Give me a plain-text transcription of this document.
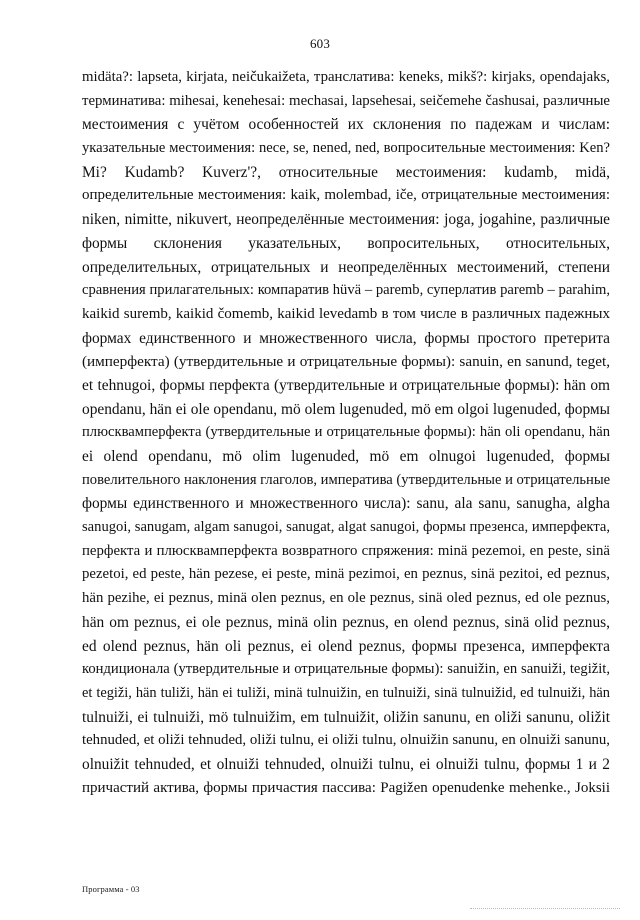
603
midäta?: lapseta, kirjata, neičukaižeta, транслатива: keneks, mikš?: kirjaks, opendajaks,
терминатива: mihesai, kenehesai: mechasai, lapsehesai, seičemehe čashusai, различные
местоимения с учётом особенностей их склонения по падежам и числам:
указательные местоимения: nece, se, nened, ned, вопросительные местоимения: Ken?
Mi? Kudamb? Kuverz'?, относительные местоимения: kudamb, midä,
определительные местоимения: kaik, molembad, iče, отрицательные местоимения:
niken, nimitte, nikuvert, неопределённые местоимения: joga, jogahine, различные
формы склонения указательных, вопросительных, относительных,
определительных, отрицательных и неопределённых местоимений, степени
сравнения прилагательных: компаратив hüvä – paremb, суперлатив paremb – parahim,
kaikid suremb, kaikid čomemb, kaikid levedamb в том числе в различных падежных
формах единственного и множественного числа, формы простого претерита
(имперфекта) (утвердительные и отрицательные формы): sanuin, en sanund, teget,
et tehnugoi, формы перфекта (утвердительные и отрицательные формы): hän om
opendanu, hän ei ole opendanu, mö olem lugenuded, mö em olgoi lugenuded, формы
плюсквамперфекта (утвердительные и отрицательные формы): hän oli opendanu, hän
ei olend opendanu, mö olim lugenuded, mö em olnugoi lugenuded, формы
повелительного наклонения глаголов, императива (утвердительные и отрицательные
формы единственного и множественного числа): sanu, ala sanu, sanugha, algha
sanugoi, sanugam, algam sanugoi, sanugat, algat sanugoi, формы презенса, имперфекта,
перфекта и плюсквамперфекта возвратного спряжения: minä pezemoi, en peste, sinä
pezetoi, ed peste, hän pezese, ei peste, minä pezimoi, en peznus, sinä pezitoi, ed peznus,
hän pezihe, ei peznus, minä olen peznus, en ole peznus, sinä oled peznus, ed ole peznus,
hän om peznus, ei ole peznus, minä olin peznus, en olend peznus, sinä olid peznus,
ed olend peznus, hän oli peznus, ei olend peznus, формы презенса, имперфекта
кондиционала (утвердительные и отрицательные формы): sanuižin, en sanuiži, tegižit,
et tegiži, hän tuliži, hän ei tuliži, minä tulnuižin, en tulnuiži, sinä tulnuižid, ed tulnuiži, hän
tulnuiži, ei tulnuiži, mö tulnuižim, em tulnuižit, oližin sanunu, en oliži sanunu, oližit
tehnuded, et oliži tehnuded, oliži tulnu, ei oliži tulnu, olnuižin sanunu, en olnuiži sanunu,
olnuižit tehnuded, et olnuiži tehnuded, olnuiži tulnu, ei olnuiži tulnu, формы 1 и 2
причастий актива, формы причастия пассива: Pagižen openudenke mehenke., Joksii
Программа - 03
